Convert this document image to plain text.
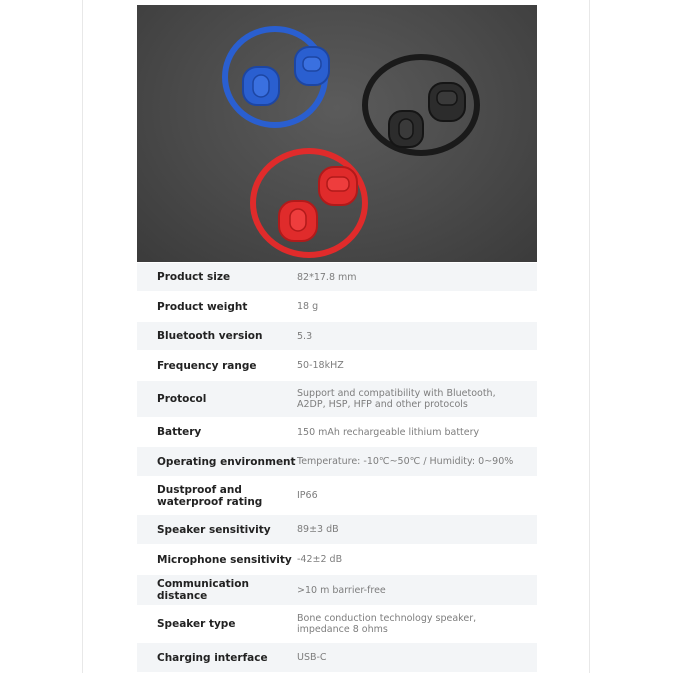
Product size	82*17.8 mm
Product weight	18 g
Bluetooth version	5.3
Frequency range	50-18kHZ
Protocol	Support and compatibility with Bluetooth, A2DP, HSP, HFP and other protocols
Battery	150 mAh rechargeable lithium battery
Operating environment Temperature: -10℃~50℃ / Humidity: 0~90%
Dustproof and waterproof rating	IP66
Speaker sensitivity	89±3 dB
Microphone sensitivity -42±2 dB
Communication distance	>10 m barrier-free
Speaker type	Bone conduction technology speaker, impedance 8 ohms
Charging interface	USB-C
